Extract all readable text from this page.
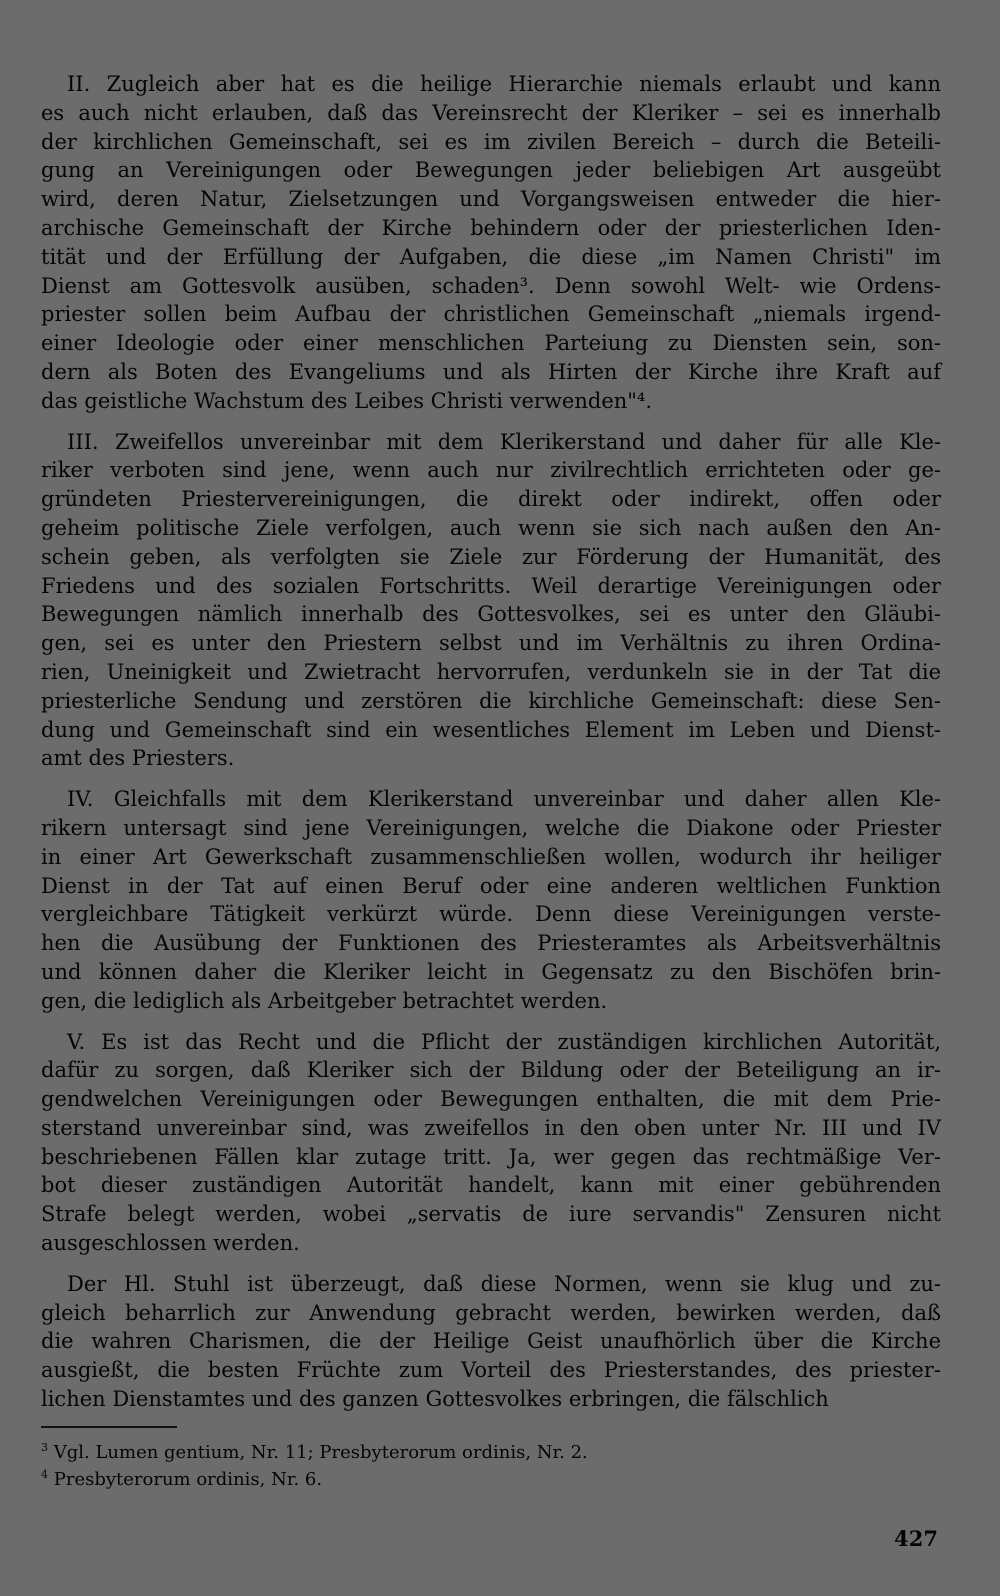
II. Zugleich aber hat es die heilige Hierarchie niemals erlaubt und kann
es auch nicht erlauben, daß das Vereinsrecht der Kleriker – sei es innerhalb
der kirchlichen Gemeinschaft, sei es im zivilen Bereich – durch die Beteili-
gung an Vereinigungen oder Bewegungen jeder beliebigen Art ausgeübt
wird, deren Natur, Zielsetzungen und Vorgangsweisen entweder die hier-
archische Gemeinschaft der Kirche behindern oder der priesterlichen Iden-
tität und der Erfüllung der Aufgaben, die diese „im Namen Christi" im
Dienst am Gottesvolk ausüben, schaden³. Denn sowohl Welt- wie Ordens-
priester sollen beim Aufbau der christlichen Gemeinschaft „niemals irgend-
einer Ideologie oder einer menschlichen Parteiung zu Diensten sein, son-
dern als Boten des Evangeliums und als Hirten der Kirche ihre Kraft auf
das geistliche Wachstum des Leibes Christi verwenden"⁴.

III. Zweifellos unvereinbar mit dem Klerikerstand und daher für alle Kle-
riker verboten sind jene, wenn auch nur zivilrechtlich errichteten oder ge-
gründeten Priestervereinigungen, die direkt oder indirekt, offen oder
geheim politische Ziele verfolgen, auch wenn sie sich nach außen den An-
schein geben, als verfolgten sie Ziele zur Förderung der Humanität, des
Friedens und des sozialen Fortschritts. Weil derartige Vereinigungen oder
Bewegungen nämlich innerhalb des Gottesvolkes, sei es unter den Gläubi-
gen, sei es unter den Priestern selbst und im Verhältnis zu ihren Ordina-
rien, Uneinigkeit und Zwietracht hervorrufen, verdunkeln sie in der Tat die
priesterliche Sendung und zerstören die kirchliche Gemeinschaft: diese Sen-
dung und Gemeinschaft sind ein wesentliches Element im Leben und Dienst-
amt des Priesters.

IV. Gleichfalls mit dem Klerikerstand unvereinbar und daher allen Kle-
rikern untersagt sind jene Vereinigungen, welche die Diakone oder Priester
in einer Art Gewerkschaft zusammenschließen wollen, wodurch ihr heiliger
Dienst in der Tat auf einen Beruf oder eine anderen weltlichen Funktion
vergleichbare Tätigkeit verkürzt würde. Denn diese Vereinigungen verste-
hen die Ausübung der Funktionen des Priesteramtes als Arbeitsverhältnis
und können daher die Kleriker leicht in Gegensatz zu den Bischöfen brin-
gen, die lediglich als Arbeitgeber betrachtet werden.

V. Es ist das Recht und die Pflicht der zuständigen kirchlichen Autorität,
dafür zu sorgen, daß Kleriker sich der Bildung oder der Beteiligung an ir-
gendwelchen Vereinigungen oder Bewegungen enthalten, die mit dem Prie-
sterstand unvereinbar sind, was zweifellos in den oben unter Nr. III und IV
beschriebenen Fällen klar zutage tritt. Ja, wer gegen das rechtmäßige Ver-
bot dieser zuständigen Autorität handelt, kann mit einer gebührenden
Strafe belegt werden, wobei „servatis de iure servandis" Zensuren nicht
ausgeschlossen werden.

Der Hl. Stuhl ist überzeugt, daß diese Normen, wenn sie klug und zu-
gleich beharrlich zur Anwendung gebracht werden, bewirken werden, daß
die wahren Charismen, die der Heilige Geist unaufhörlich über die Kirche
ausgießt, die besten Früchte zum Vorteil des Priesterstandes, des priester-
lichen Dienstamtes und des ganzen Gottesvolkes erbringen, die fälschlich

$^3$ Vgl. Lumen gentium, Nr. 11; Presbyterorum ordinis, Nr. 2.
$^4$ Presbyterorum ordinis, Nr. 6.
427
